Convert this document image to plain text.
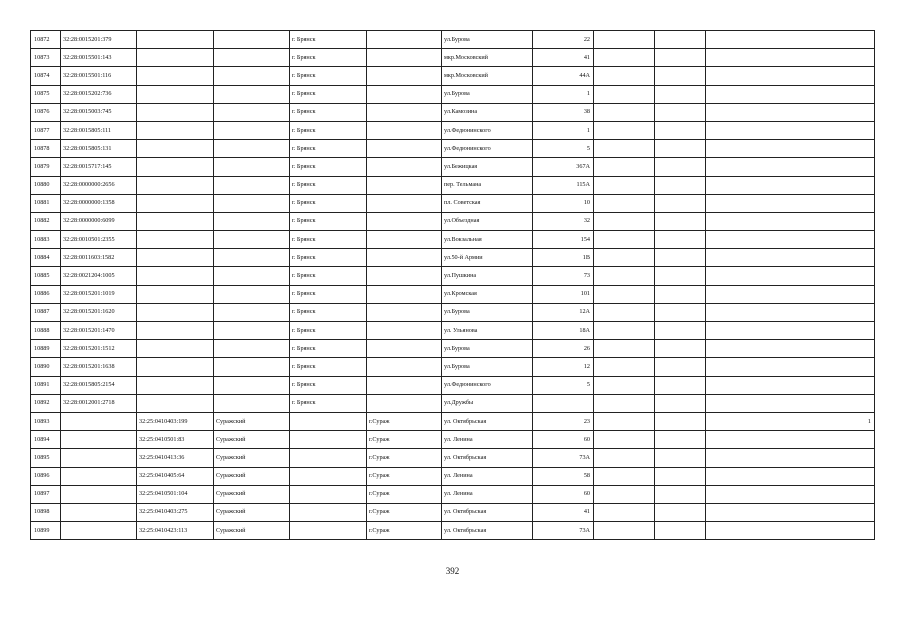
10872	32:28:0015201:379			г. Брянск		ул.Бурова	22			
10873	32:28:0015501:143			г. Брянск		мкр.Московский	41			
10874	32:28:0015501:116			г. Брянск		мкр.Московский	44А			
10875	32:28:0015202:736			г. Брянск		ул.Бурова	1			
10876	32:28:0015003:745			г. Брянск		ул.Камозина	38			
10877	32:28:0015805:111			г. Брянск		ул.Федюнинского	1			
10878	32:28:0015805:131			г. Брянск		ул.Федюнинского	5			
10879	32:28:0015717:145			г. Брянск		ул.Бежицкая	367А			
10880	32:28:0000000:2656			г. Брянск		пер. Тельмана	115А			
10881	32:28:0000000:1358			г. Брянск		пл. Советская	10			
10882	32:28:0000000:6099			г. Брянск		ул.Объездная	32			
10883	32:28:0010501:2355			г. Брянск		ул.Вокзальная	154			
10884	32:28:0011603:1582			г. Брянск		ул.50-й Армии	1В			
10885	32:28:0021204:1005			г. Брянск		ул.Пушкина	73			
10886	32:28:0015201:1019			г. Брянск		ул.Кромская	101			
10887	32:28:0015201:1620			г. Брянск		ул.Бурова	12А			
10888	32:28:0015201:1470			г. Брянск		ул. Ульянова	18А			
10889	32:28:0015201:1512			г. Брянск		ул.Бурова	26			
10890	32:28:0015201:1638			г. Брянск		ул.Бурова	12			
10891	32:28:0015805:2154			г. Брянск		ул.Федюнинского	5			
10892	32:28:0012001:2718			г. Брянск		ул.Дружбы				
10893		32:25:0410403:199	Суражский		г.Сураж	ул. Октябрьская	23			1
10894		32:25:0410501:83	Суражский		г.Сураж	ул. Ленина	60			
10895		32:25:0410413:36	Суражский		г.Сураж	ул. Октябрьская	73А			
10896		32:25:0410405:64	Суражский		г.Сураж	ул. Ленина	58			
10897		32:25:0410501:104	Суражский		г.Сураж	ул. Ленина	60			
10898		32:25:0410403:275	Суражский		г.Сураж	ул. Октябрьская	41			
10899		32:25:0410423:113	Суражский		г.Сураж	ул. Октябрьская	73А			
392
